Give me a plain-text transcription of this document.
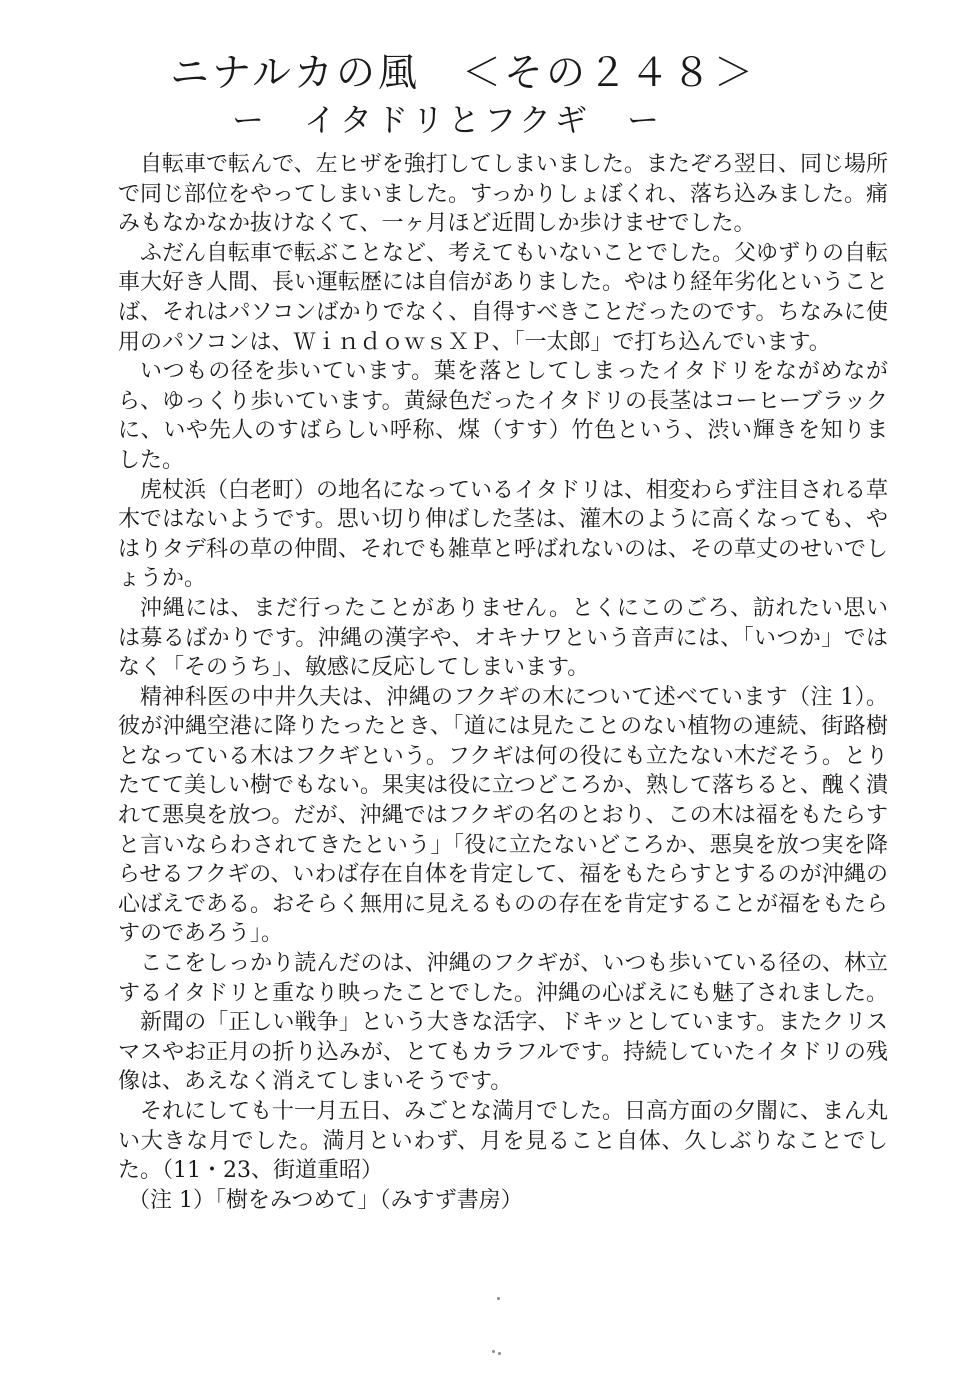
ニナルカの風　＜その２４８＞
ー　イタドリとフクギ　ー

自転車で転んで、左ヒザを強打してしまいました。またぞろ翌日、同じ場所で同じ部位をやってしまいました。すっかりしょぼくれ、落ち込みました。痛みもなかなか抜けなくて、一ヶ月ほど近間しか歩けませでした。

ふだん自転車で転ぶことなど、考えてもいないことでした。父ゆずりの自転車大好き人間、長い運転歴には自信がありました。やはり経年劣化ということば、それはパソコンばかりでなく、自得すべきことだったのです。ちなみに使用のパソコンは、ＷｉｎｄｏｗｓＸＰ、「一太郎」で打ち込んでいます。

いつもの径を歩いています。葉を落としてしまったイタドリをながめながら、ゆっくり歩いています。黄緑色だったイタドリの長茎はコーヒーブラックに、いや先人のすばらしい呼称、煤（すす）竹色という、渋い輝きを知りました。

虎杖浜（白老町）の地名になっているイタドリは、相変わらず注目される草木ではないようです。思い切り伸ばした茎は、灌木のように高くなっても、やはりタデ科の草の仲間、それでも雑草と呼ばれないのは、その草丈のせいでしょうか。

沖縄には、まだ行ったことがありません。とくにこのごろ、訪れたい思いは募るばかりです。沖縄の漢字や、オキナワという音声には、「いつか」ではなく「そのうち」、敏感に反応してしまいます。

精神科医の中井久夫は、沖縄のフクギの木について述べています（注 1）。彼が沖縄空港に降りたったとき、「道には見たことのない植物の連続、街路樹となっている木はフクギという。フクギは何の役にも立たない木だそう。とりたてて美しい樹でもない。果実は役に立つどころか、熟して落ちると、醜く潰れて悪臭を放つ。だが、沖縄ではフクギの名のとおり、この木は福をもたらすと言いならわされてきたという」「役に立たないどころか、悪臭を放つ実を降らせるフクギの、いわば存在自体を肯定して、福をもたらすとするのが沖縄の心ばえである。おそらく無用に見えるものの存在を肯定することが福をもたらすのであろう」。

ここをしっかり読んだのは、沖縄のフクギが、いつも歩いている径の、林立するイタドリと重なり映ったことでした。沖縄の心ばえにも魅了されました。

新聞の「正しい戦争」という大きな活字、ドキッとしています。またクリスマスやお正月の折り込みが、とてもカラフルです。持続していたイタドリの残像は、あえなく消えてしまいそうです。

それにしても十一月五日、みごとな満月でした。日高方面の夕闇に、まん丸い大きな月でした。満月といわず、月を見ること自体、久しぶりなことでした。（11・23、街道重昭）

（注 1）「樹をみつめて」（みすず書房）
